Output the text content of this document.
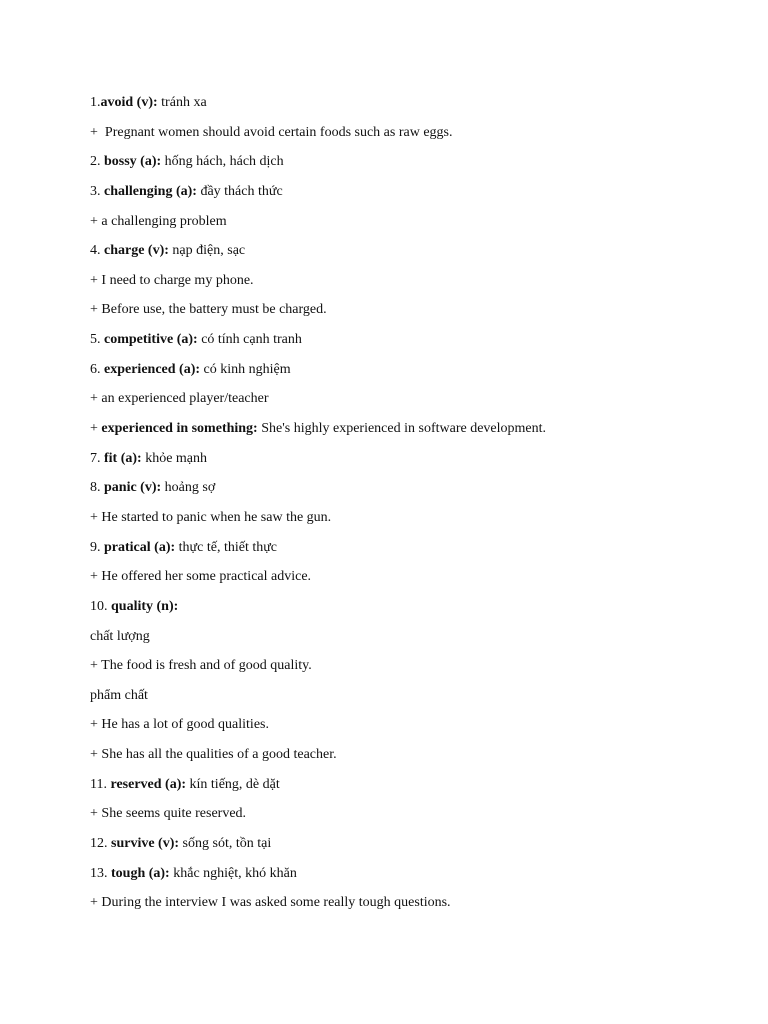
1.avoid (v): tránh xa
+  Pregnant women should avoid certain foods such as raw eggs.
2. bossy (a): hống hách, hách dịch
3. challenging (a): đầy thách thức
+ a challenging problem
4. charge (v): nạp điện, sạc
+ I need to charge my phone.
+ Before use, the battery must be charged.
5. competitive (a): có tính cạnh tranh
6. experienced (a): có kinh nghiệm
+ an experienced player/teacher
+ experienced in something: She's highly experienced in software development.
7. fit (a): khỏe mạnh
8. panic (v): hoảng sợ
+ He started to panic when he saw the gun.
9. pratical (a): thực tế, thiết thực
+ He offered her some practical advice.
10. quality (n):
chất lượng
+ The food is fresh and of good quality.
phẩm chất
+ He has a lot of good qualities.
+ She has all the qualities of a good teacher.
11. reserved (a): kín tiếng, dè dặt
+ She seems quite reserved.
12. survive (v): sống sót, tồn tại
13. tough (a): khắc nghiệt, khó khăn
+ During the interview I was asked some really tough questions.
